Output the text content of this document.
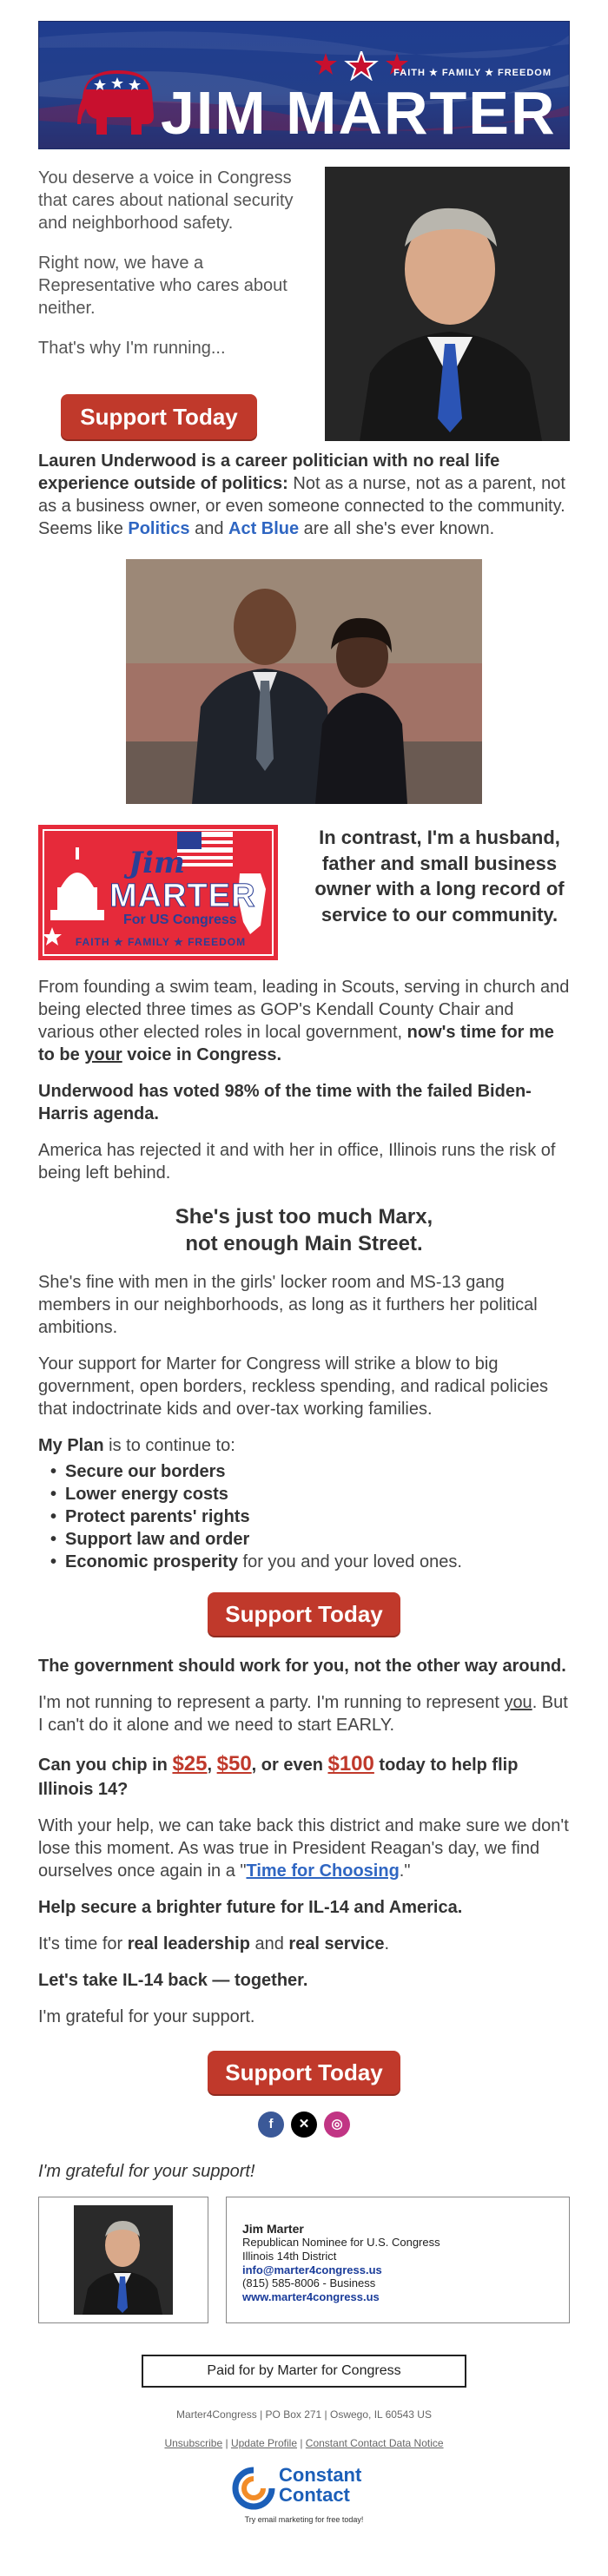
FAITH ★ FAMILY ★ FREEDOM
JIM MARTER

You deserve a voice in Congress that cares about national security and neighborhood safety.

Right now, we have a Representative who cares about neither.

That's why I'm running...

Support Today

Lauren Underwood is a career politician with no real life experience outside of politics: Not as a nurse, not as a parent, not as a business owner, or even someone connected to the community. Seems like Politics and Act Blue are all she's ever known.

Jim
MARTER
For US Congress
FAITH ★ FAMILY ★ FREEDOM
In contrast, I'm a husband, father and small business owner with a long record of service to our community.

From founding a swim team, leading in Scouts, serving in church and being elected three times as GOP's Kendall County Chair and various other elected roles in local government, now's time for me to be your voice in Congress.

Underwood has voted 98% of the time with the failed Biden-Harris agenda.

America has rejected it and with her in office, Illinois runs the risk of being left behind.

She's just too much Marx,
not enough Main Street.

She's fine with men in the girls' locker room and MS-13 gang members in our neighborhoods, as long as it furthers her political ambitions.

Your support for Marter for Congress will strike a blow to big government, open borders, reckless spending, and radical policies that indoctrinate kids and over-tax working families.

My Plan is to continue to:

• Secure our borders
• Lower energy costs
• Protect parents' rights
• Support law and order
• Economic prosperity for you and your loved ones.
Support Today

The government should work for you, not the other way around.

I'm not running to represent a party. I'm running to represent you. But I can't do it alone and we need to start EARLY.

Can you chip in $25, $50, or even $100 today to help flip Illinois 14?

With your help, we can take back this district and make sure we don't lose this moment. As was true in President Reagan's day, we find ourselves once again in a "Time for Choosing."

Help secure a brighter future for IL-14 and America.

It's time for real leadership and real service.

Let's take IL-14 back — together.

I'm grateful for your support.

Support Today
f	✕	◎
I'm grateful for your support!
Jim Marter
Republican Nominee for U.S. Congress
Illinois 14th District
info@marter4congress.us
(815) 585-8006 - Business
www.marter4congress.us
Paid for by Marter for Congress
Marter4Congress | PO Box 271 | Oswego, IL 60543 US
Unsubscribe | Update Profile | Constant Contact Data Notice
Constant
Contact
Try email marketing for free today!
